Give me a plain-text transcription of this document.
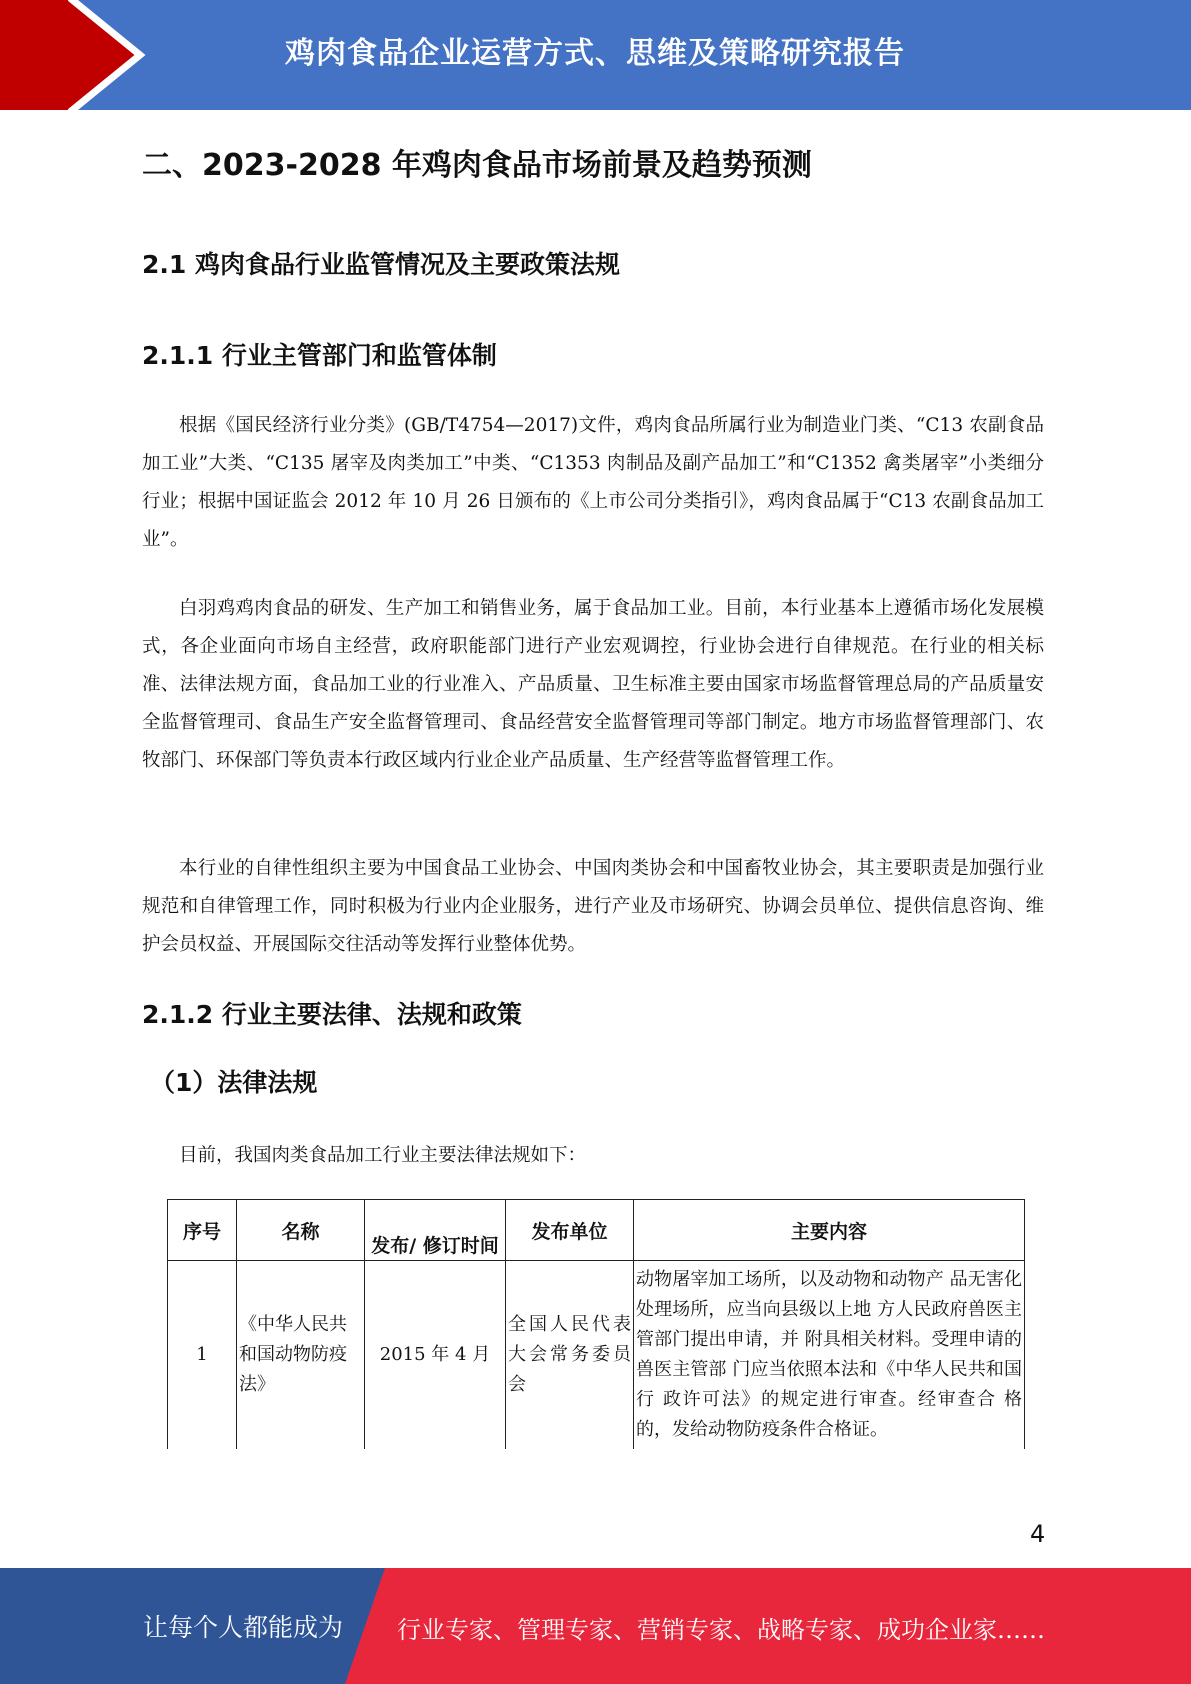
鸡肉食品企业运营方式、思维及策略研究报告
二、2023-2028 年鸡肉食品市场前景及趋势预测
2.1 鸡肉食品行业监管情况及主要政策法规
2.1.1 行业主管部门和监管体制

根据《国民经济行业分类》(GB/T4754—2017)文件，鸡肉食品所属行业为制造业门类、“C13 农副食品加工业”大类、“C135 屠宰及肉类加工”中类、“C1353 肉制品及副产品加工”和“C1352 禽类屠宰”小类细分行业；根据中国证监会 2012 年 10 月 26 日颁布的《上市公司分类指引》，鸡肉食品属于“C13 农副食品加工业”。

白羽鸡鸡肉食品的研发、生产加工和销售业务，属于食品加工业。目前，本行业基本上遵循市场化发展模式，各企业面向市场自主经营，政府职能部门进行产业宏观调控，行业协会进行自律规范。在行业的相关标准、法律法规方面，食品加工业的行业准入、产品质量、卫生标准主要由国家市场监督管理总局的产品质量安全监督管理司、食品生产安全监督管理司、食品经营安全监督管理司等部门制定。地方市场监督管理部门、农牧部门、环保部门等负责本行政区域内行业企业产品质量、生产经营等监督管理工作。

本行业的自律性组织主要为中国食品工业协会、中国肉类协会和中国畜牧业协会，其主要职责是加强行业规范和自律管理工作，同时积极为行业内企业服务，进行产业及市场研究、协调会员单位、提供信息咨询、维护会员权益、开展国际交往活动等发挥行业整体优势。

2.1.2 行业主要法律、法规和政策
（1）法律法规

目前，我国肉类食品加工行业主要法律法规如下：

序号	名称	发布/ 修订时间	发布单位	主要内容
1	《中华人民共和国动物防疫法》	2015 年 4 月	全国人民代表大会常务委员会	动物屠宰加工场所，以及动物和动物产 品无害化处理场所，应当向县级以上地 方人民政府兽医主管部门提出申请，并 附具相关材料。受理申请的兽医主管部 门应当依照本法和《中华人民共和国行 政许可法》的规定进行审查。经审查合 格的，发给动物防疫条件合格证。
4
让每个人都能成为 行业专家、管理专家、营销专家、战略专家、成功企业家……
